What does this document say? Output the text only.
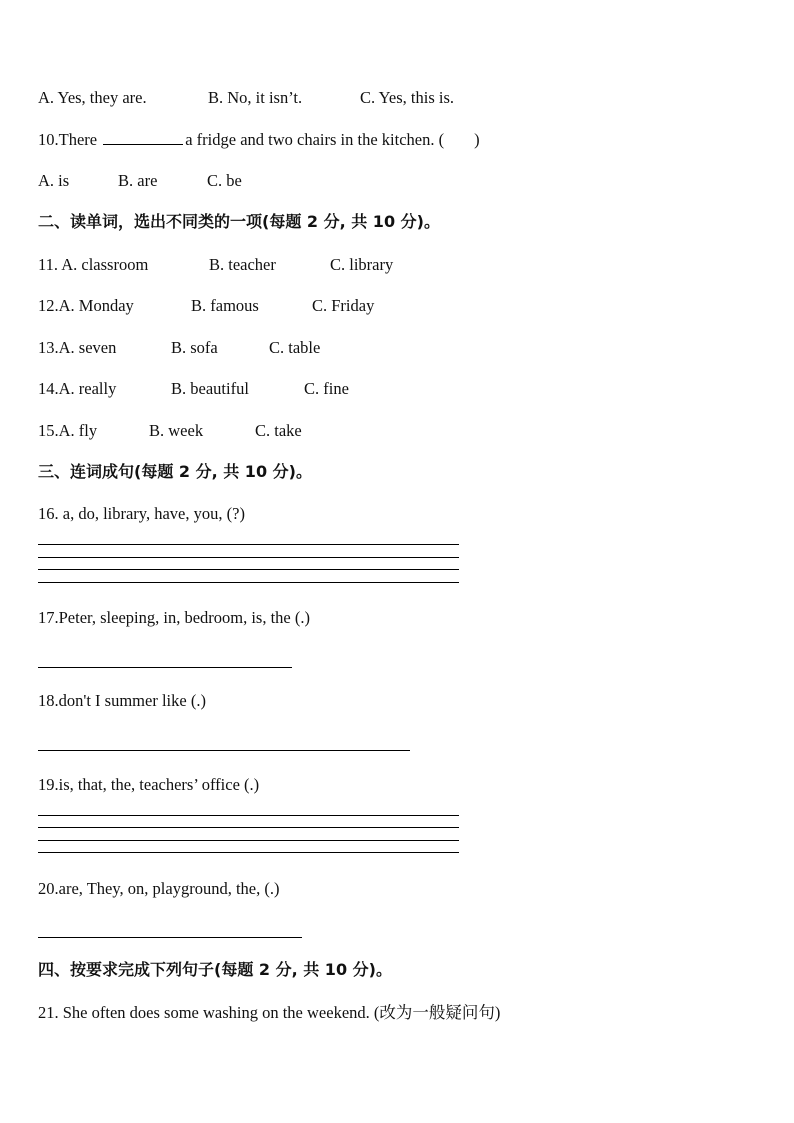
A. Yes, they are.	B. No, it isn’t.	C. Yes, this is.
10.There	a fridge and two chairs in the kitchen. ( )
A. is	B. are	C. be
二、读单词，选出不同类的一项(每题 2 分, 共 10 分)。
11. A. classroom	B. teacher	C. library
12.A. Monday	B. famous	C. Friday
13.A. seven	B. sofa	C. table
14.A. really	B. beautiful	C. fine
15.A. fly	B. week	C. take
三、连词成句(每题 2 分, 共 10 分)。
16. a, do, library, have, you, (?)
17.Peter, sleeping, in, bedroom, is, the (.)
18.don't I summer like (.)
19.is, that, the, teachers’ office (.)
20.are, They, on, playground, the, (.)
四、按要求完成下列句子(每题 2 分, 共 10 分)。
21. She often does some washing on the weekend. (改为一般疑问句)
